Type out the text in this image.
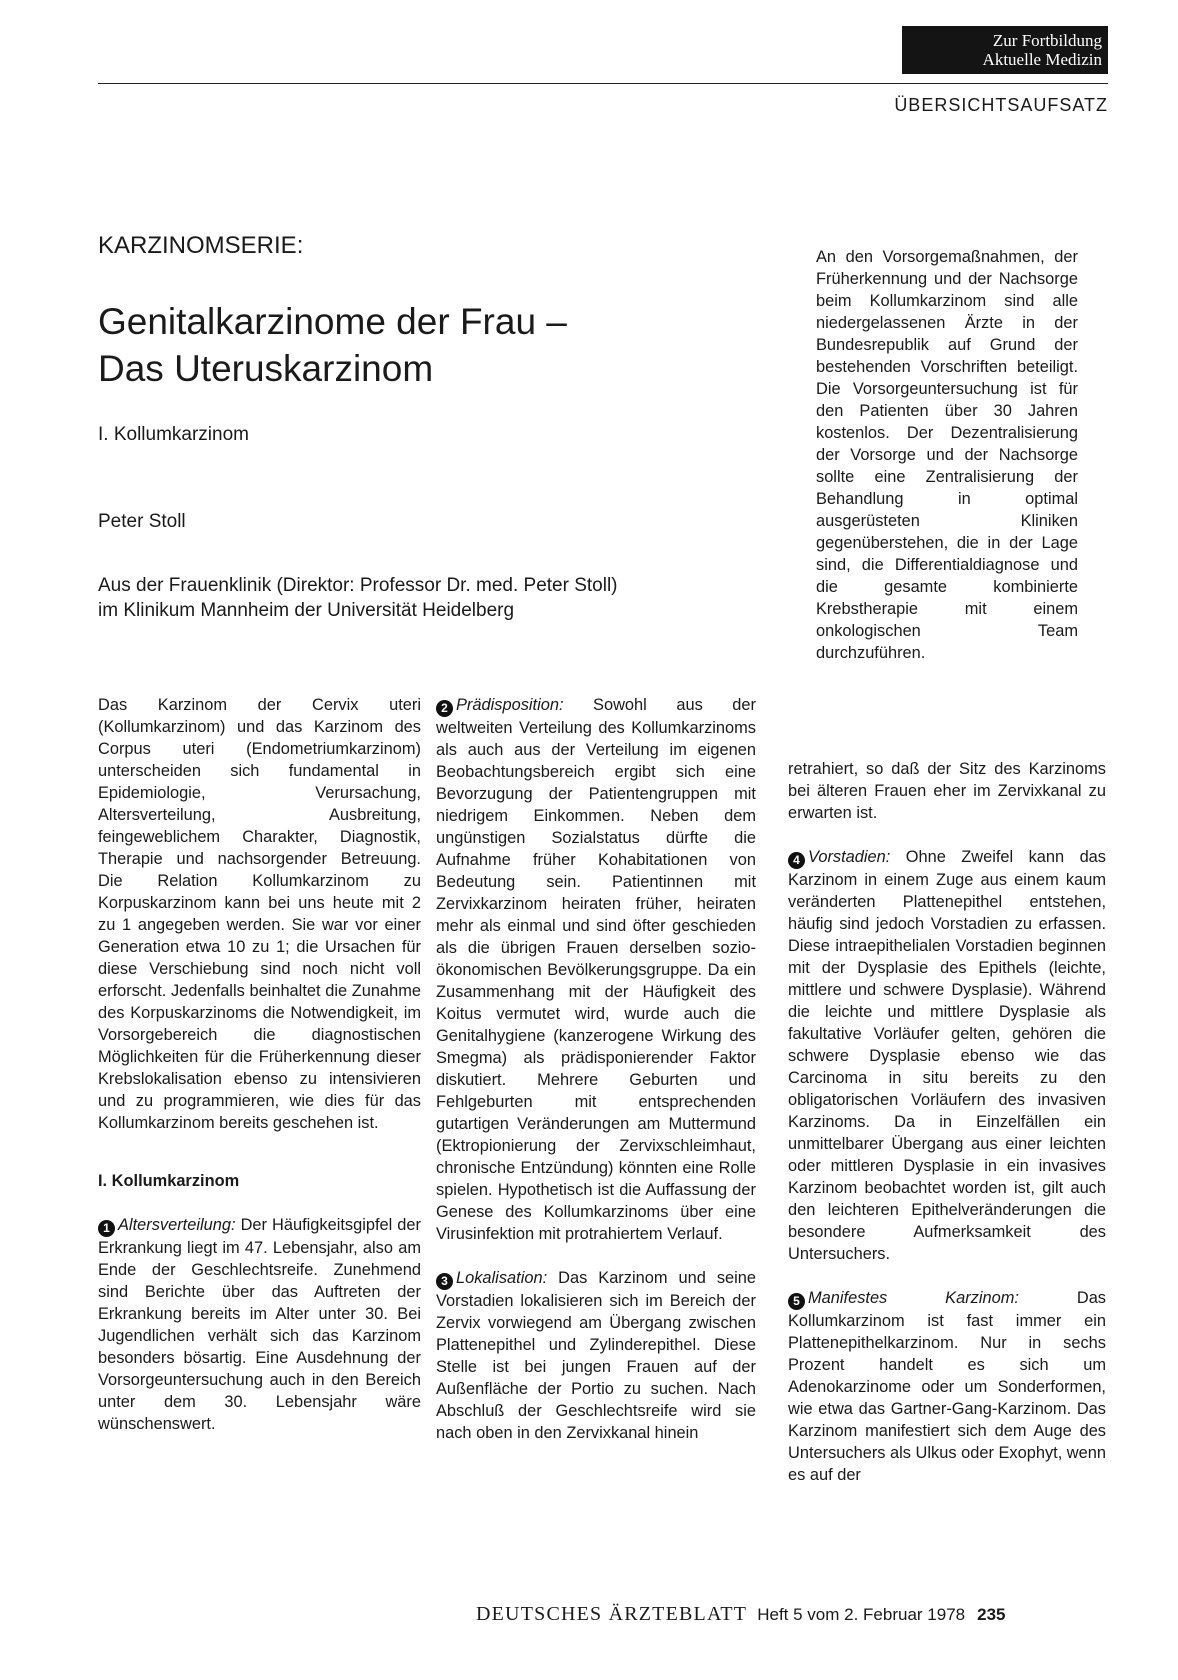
Zur Fortbildung
Aktuelle Medizin
ÜBERSICHTSAUFSATZ
KARZINOMSERIE:
Genitalkarzinome der Frau –
Das Uteruskarzinom
I. Kollumkarzinom
Peter Stoll
Aus der Frauenklinik (Direktor: Professor Dr. med. Peter Stoll)
im Klinikum Mannheim der Universität Heidelberg
An den Vorsorgemaßnahmen, der Früherkennung und der Nachsorge beim Kollumkarzinom sind alle niedergelassenen Ärzte in der Bundesrepublik auf Grund der bestehenden Vorschriften beteiligt. Die Vorsorgeuntersuchung ist für den Patienten über 30 Jahren kostenlos. Der Dezentralisierung der Vorsorge und der Nachsorge sollte eine Zentralisierung der Behandlung in optimal ausgerüsteten Kliniken gegenüberstehen, die in der Lage sind, die Differentialdiagnose und die gesamte kombinierte Krebstherapie mit einem onkologischen Team durchzuführen.

Das Karzinom der Cervix uteri (Kollumkarzinom) und das Karzinom des Corpus uteri (Endometriumkarzinom) unterscheiden sich fundamental in Epidemiologie, Verursachung, Altersverteilung, Ausbreitung, feingeweblichem Charakter, Diagnostik, Therapie und nachsorgender Betreuung. Die Relation Kollumkarzinom zu Korpuskarzinom kann bei uns heute mit 2 zu 1 angegeben werden. Sie war vor einer Generation etwa 10 zu 1; die Ursachen für diese Verschiebung sind noch nicht voll erforscht. Jedenfalls beinhaltet die Zunahme des Korpuskarzinoms die Notwendigkeit, im Vorsorgebereich die diagnostischen Möglichkeiten für die Früherkennung dieser Krebslokalisation ebenso zu intensivieren und zu programmieren, wie dies für das Kollumkarzinom bereits geschehen ist.

I. Kollumkarzinom

1 Altersverteilung: Der Häufigkeitsgipfel der Erkrankung liegt im 47. Lebensjahr, also am Ende der Geschlechtsreife. Zunehmend sind Berichte über das Auftreten der Erkrankung bereits im Alter unter 30. Bei Jugendlichen verhält sich das Karzinom besonders bösartig. Eine Ausdehnung der Vorsorgeuntersuchung auch in den Bereich unter dem 30. Lebensjahr wäre wünschenswert.

2 Prädisposition: Sowohl aus der weltweiten Verteilung des Kollumkarzinoms als auch aus der Verteilung im eigenen Beobachtungsbereich ergibt sich eine Bevorzugung der Patientengruppen mit niedrigem Einkommen. Neben dem ungünstigen Sozialstatus dürfte die Aufnahme früher Kohabitationen von Bedeutung sein. Patientinnen mit Zervixkarzinom heiraten früher, heiraten mehr als einmal und sind öfter geschieden als die übrigen Frauen derselben sozio-ökonomischen Bevölkerungsgruppe. Da ein Zusammenhang mit der Häufigkeit des Koitus vermutet wird, wurde auch die Genitalhygiene (kanzerogene Wirkung des Smegma) als prädisponierender Faktor diskutiert. Mehrere Geburten und Fehlgeburten mit entsprechenden gutartigen Veränderungen am Muttermund (Ektropionierung der Zervixschleimhaut, chronische Entzündung) könnten eine Rolle spielen. Hypothetisch ist die Auffassung der Genese des Kollumkarzinoms über eine Virusinfektion mit protrahiertem Verlauf.

3 Lokalisation: Das Karzinom und seine Vorstadien lokalisieren sich im Bereich der Zervix vorwiegend am Übergang zwischen Plattenepithel und Zylinderepithel. Diese Stelle ist bei jungen Frauen auf der Außenfläche der Portio zu suchen. Nach Abschluß der Geschlechtsreife wird sie nach oben in den Zervixkanal hinein

retrahiert, so daß der Sitz des Karzinoms bei älteren Frauen eher im Zervixkanal zu erwarten ist.

4 Vorstadien: Ohne Zweifel kann das Karzinom in einem Zuge aus einem kaum veränderten Plattenepithel entstehen, häufig sind jedoch Vorstadien zu erfassen. Diese intraepithelialen Vorstadien beginnen mit der Dysplasie des Epithels (leichte, mittlere und schwere Dysplasie). Während die leichte und mittlere Dysplasie als fakultative Vorläufer gelten, gehören die schwere Dysplasie ebenso wie das Carcinoma in situ bereits zu den obligatorischen Vorläufern des invasiven Karzinoms. Da in Einzelfällen ein unmittelbarer Übergang aus einer leichten oder mittleren Dysplasie in ein invasives Karzinom beobachtet worden ist, gilt auch den leichteren Epithelveränderungen die besondere Aufmerksamkeit des Untersuchers.

5 Manifestes Karzinom: Das Kollumkarzinom ist fast immer ein Plattenepithelkarzinom. Nur in sechs Prozent handelt es sich um Adenokarzinome oder um Sonderformen, wie etwa das Gartner-Gang-Karzinom. Das Karzinom manifestiert sich dem Auge des Untersuchers als Ulkus oder Exophyt, wenn es auf der

DEUTSCHES ÄRZTEBLATT Heft 5 vom 2. Februar 1978 235
